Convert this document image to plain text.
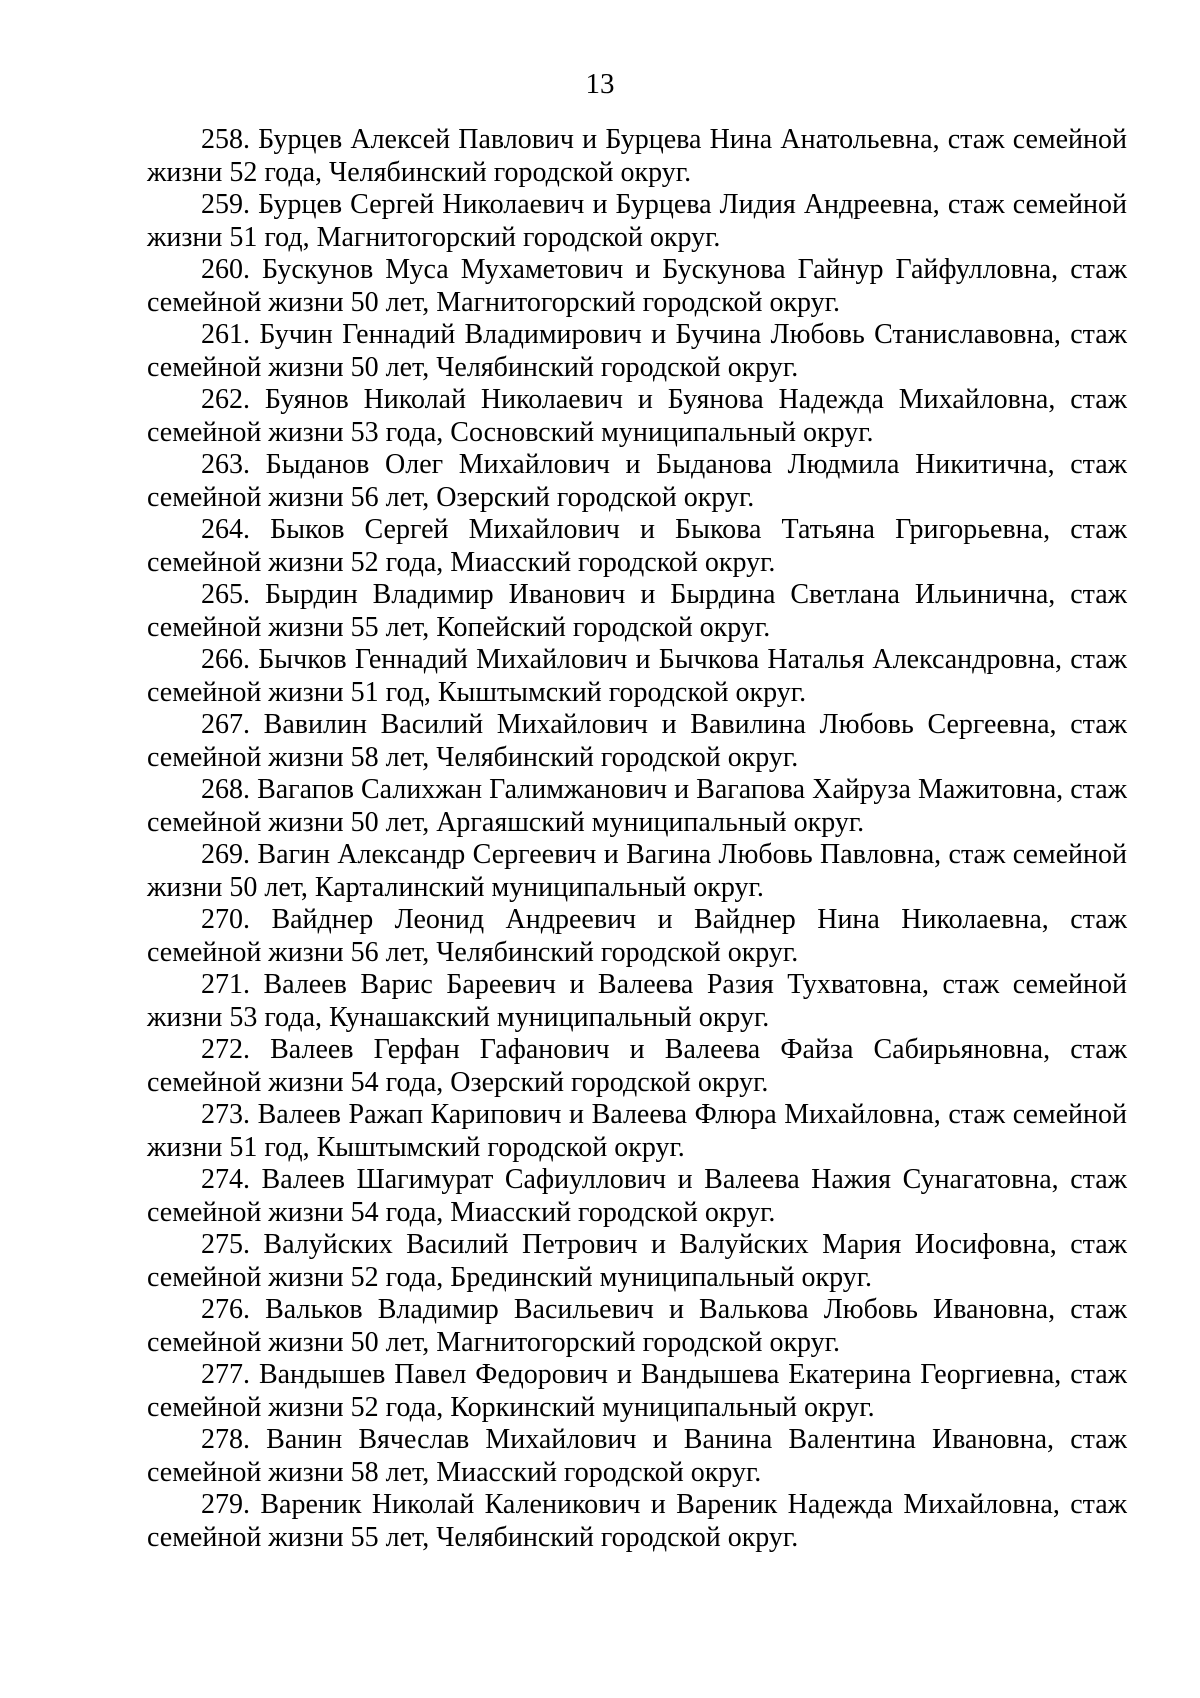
13

258. Бурцев Алексей Павлович и Бурцева Нина Анатольевна, стаж семейной жизни 52 года, Челябинский городской округ.

259. Бурцев Сергей Николаевич и Бурцева Лидия Андреевна, стаж семейной жизни 51 год, Магнитогорский городской округ.

260. Бускунов Муса Мухаметович и Бускунова Гайнур Гайфулловна, стаж семейной жизни 50 лет, Магнитогорский городской округ.

261. Бучин Геннадий Владимирович и Бучина Любовь Станиславовна, стаж семейной жизни 50 лет, Челябинский городской округ.

262. Буянов Николай Николаевич и Буянова Надежда Михайловна, стаж семейной жизни 53 года, Сосновский муниципальный округ.

263. Быданов Олег Михайлович и Быданова Людмила Никитична, стаж семейной жизни 56 лет, Озерский городской округ.

264. Быков Сергей Михайлович и Быкова Татьяна Григорьевна, стаж семейной жизни 52 года, Миасский городской округ.

265. Бырдин Владимир Иванович и Бырдина Светлана Ильинична, стаж семейной жизни 55 лет, Копейский городской округ.

266. Бычков Геннадий Михайлович и Бычкова Наталья Александровна, стаж семейной жизни 51 год, Кыштымский городской округ.

267. Вавилин Василий Михайлович и Вавилина Любовь Сергеевна, стаж семейной жизни 58 лет, Челябинский городской округ.

268. Вагапов Салихжан Галимжанович и Вагапова Хайруза Мажитовна, стаж семейной жизни 50 лет, Аргаяшский муниципальный округ.

269. Вагин Александр Сергеевич и Вагина Любовь Павловна, стаж семейной жизни 50 лет, Карталинский муниципальный округ.

270. Вайднер Леонид Андреевич и Вайднер Нина Николаевна, стаж семейной жизни 56 лет, Челябинский городской округ.

271. Валеев Варис Бареевич и Валеева Разия Тухватовна, стаж семейной жизни 53 года, Кунашакский муниципальный округ.

272. Валеев Герфан Гафанович и Валеева Файза Сабирьяновна, стаж семейной жизни 54 года, Озерский городской округ.

273. Валеев Ражап Карипович и Валеева Флюра Михайловна, стаж семейной жизни 51 год, Кыштымский городской округ.

274. Валеев Шагимурат Сафиуллович и Валеева Нажия Сунагатовна, стаж семейной жизни 54 года, Миасский городской округ.

275. Валуйских Василий Петрович и Валуйских Мария Иосифовна, стаж семейной жизни 52 года, Брединский муниципальный округ.

276. Вальков Владимир Васильевич и Валькова Любовь Ивановна, стаж семейной жизни 50 лет, Магнитогорский городской округ.

277. Вандышев Павел Федорович и Вандышева Екатерина Георгиевна, стаж семейной жизни 52 года, Коркинский муниципальный округ.

278. Ванин Вячеслав Михайлович и Ванина Валентина Ивановна, стаж семейной жизни 58 лет, Миасский городской округ.

279. Вареник Николай Каленикович и Вареник Надежда Михайловна, стаж семейной жизни 55 лет, Челябинский городской округ.
